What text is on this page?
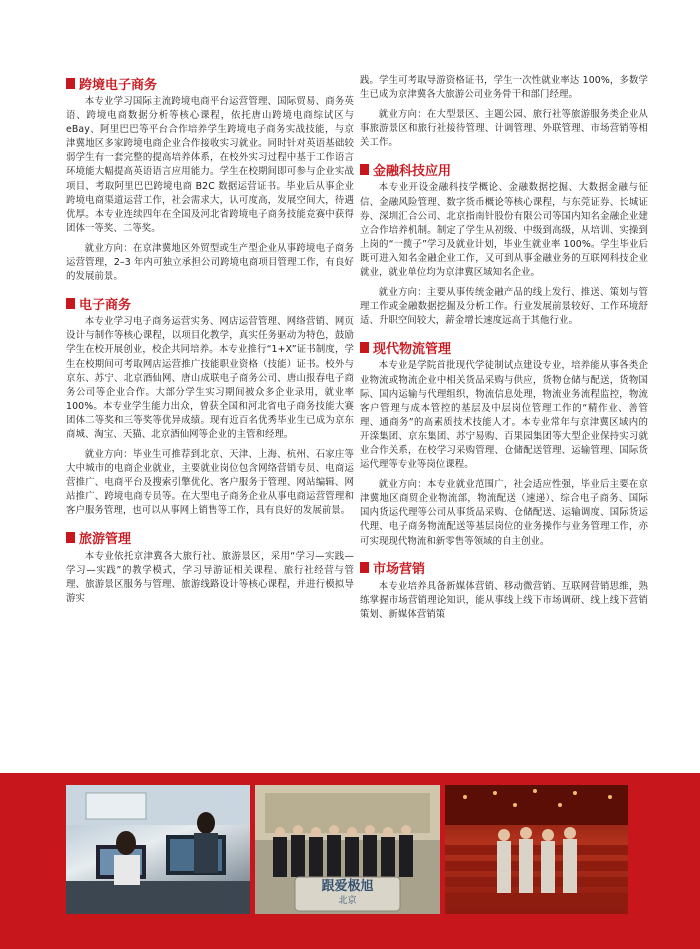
跨境电子商务

本专业学习国际主流跨境电商平台运营管理、国际贸易、商务英语、跨境电商数据分析等核心课程，依托唐山跨境电商综试区与 eBay、阿里巴巴等平台合作培养学生跨境电子商务实战技能，与京津冀地区多家跨境电商企业合作接收实习就业。同时针对英语基础较弱学生有一套完整的提高培养体系，在校外实习过程中基于工作语言环境能大幅提高英语语言应用能力。学生在校期间即可参与企业实战项目、考取阿里巴巴跨境电商 B2C 数据运营证书。毕业后从事企业跨境电商渠道运营工作，社会需求大，认可度高，发展空间大，待遇优厚。本专业连续四年在全国及河北省跨境电子商务技能竞赛中获得团体一等奖、二等奖。

就业方向：在京津冀地区外贸型或生产型企业从事跨境电子商务运营管理，2–3 年内可独立承担公司跨境电商项目管理工作，有良好的发展前景。

电子商务

本专业学习电子商务运营实务、网店运营管理、网络营销、网页设计与制作等核心课程，以项目化教学，真实任务驱动为特色，鼓励学生在校开展创业，校企共同培养。本专业推行“1+X”证书制度，学生在校期间可考取网店运营推广技能职业资格（技能）证书。校外与京东、苏宁、北京酒仙网、唐山成联电子商务公司、唐山报春电子商务公司等企业合作。大部分学生实习期间被众多企业录用，就业率 100%。本专业学生能力出众，曾获全国和河北省电子商务技能大赛团体二等奖和三等奖等优异成绩。现有近百名优秀毕业生已成为京东商城、淘宝、天猫、北京酒仙网等企业的主管和经理。

就业方向：毕业生可推荐到北京、天津、上海、杭州、石家庄等大中城市的电商企业就业，主要就业岗位包含网络营销专员、电商运营推广、电商平台及搜索引擎优化、客户服务于管理、网站编辑、网站推广、跨境电商专员等。在大型电子商务企业从事电商运营管理和客户服务管理，也可以从事网上销售等工作，具有良好的发展前景。

旅游管理

本专业依托京津冀各大旅行社、旅游景区，采用“学习—实践—学习—实践”的教学模式，学习导游证相关课程、旅行社经营与管理、旅游景区服务与管理、旅游线路设计等核心课程，并进行模拟导游实

践。学生可考取导游资格证书，学生一次性就业率达 100%，多数学生已成为京津冀各大旅游公司业务骨干和部门经理。

就业方向：在大型景区、主题公园、旅行社等旅游服务类企业从事旅游景区和旅行社接待管理、计调管理、外联管理、市场营销等相关工作。

金融科技应用

本专业开设金融科技学概论、金融数据挖掘、大数据金融与征信、金融风险管理、数字货币概论等核心课程，与东莞证券、长城证券、深圳汇合公司、北京指南针股份有限公司等国内知名金融企业建立合作培养机制。制定了学生从初级、中级到高级，从培训、实操到上岗的“一揽子”学习及就业计划，毕业生就业率 100%。学生毕业后既可进入知名金融企业工作，又可到从事金融业务的互联网科技企业就业，就业单位均为京津冀区域知名企业。

就业方向：主要从事传统金融产品的线上发行、推送、策划与管理工作或金融数据挖掘及分析工作。行业发展前景较好、工作环境舒适、升职空间较大，薪金增长速度远高于其他行业。

现代物流管理

本专业是学院首批现代学徒制试点建设专业，培养能从事各类企业物流或物流企业中相关货品采购与供应，货物仓储与配送，货物国际、国内运输与代理组织，物流信息处理，物流业务流程监控，物流客户管理与成本管控的基层及中层岗位管理工作的“精作业、善管理、通商务”的高素质技术技能人才。本专业常年与京津冀区域内的开滦集团、京东集团、苏宁易购、百果园集团等大型企业保持实习就业合作关系，在校学习采购管理、仓储配送管理、运输管理、国际货运代理等专业等岗位课程。

就业方向：本专业就业范围广，社会适应性强，毕业后主要在京津冀地区商贸企业物流部，物流配送（速递）、综合电子商务、国际国内货运代理等公司从事货品采购、仓储配送、运输调度、国际货运代理、电子商务物流配送等基层岗位的业务操作与业务管理工作，亦可实现现代物流和新零售等领域的自主创业。

市场营销

本专业培养具备新媒体营销、移动微营销、互联网营销思维，熟练掌握市场营销理论知识，能从事线上线下市场调研、线上线下营销策划、新媒体营销策

跟爱极旭
北京
